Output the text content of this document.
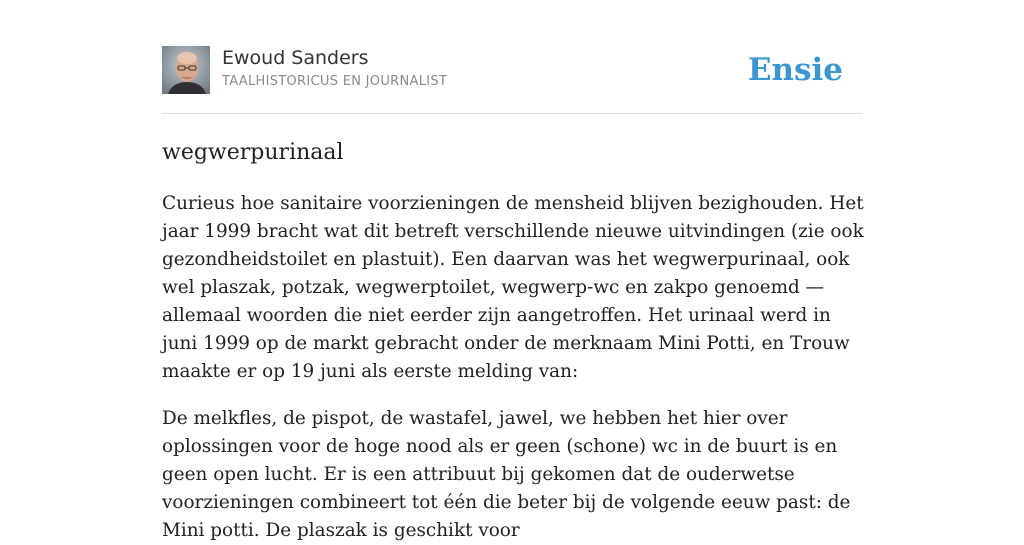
Ewoud Sanders
TAALHISTORICUS EN JOURNALIST	Ensie
wegwerpurinaal

Curieus hoe sanitaire voorzieningen de mensheid blijven bezighouden. Het jaar 1999 bracht wat dit betreft verschillende nieuwe uitvindingen (zie ook gezondheidstoilet en plastuit). Een daarvan was het wegwerpurinaal, ook wel plaszak, potzak, wegwerptoilet, wegwerp-wc en zakpo genoemd — allemaal woorden die niet eerder zijn aangetroffen. Het urinaal werd in juni 1999 op de markt gebracht onder de merknaam Mini Potti, en Trouw maakte er op 19 juni als eerste melding van:

De melkfles, de pispot, de wastafel, jawel, we hebben het hier over oplossingen voor de hoge nood als er geen (schone) wc in de buurt is en geen open lucht. Er is een attribuut bij gekomen dat de ouderwetse voorzieningen combineert tot één die beter bij de volgende eeuw past: de Mini potti. De plaszak is geschikt voor
